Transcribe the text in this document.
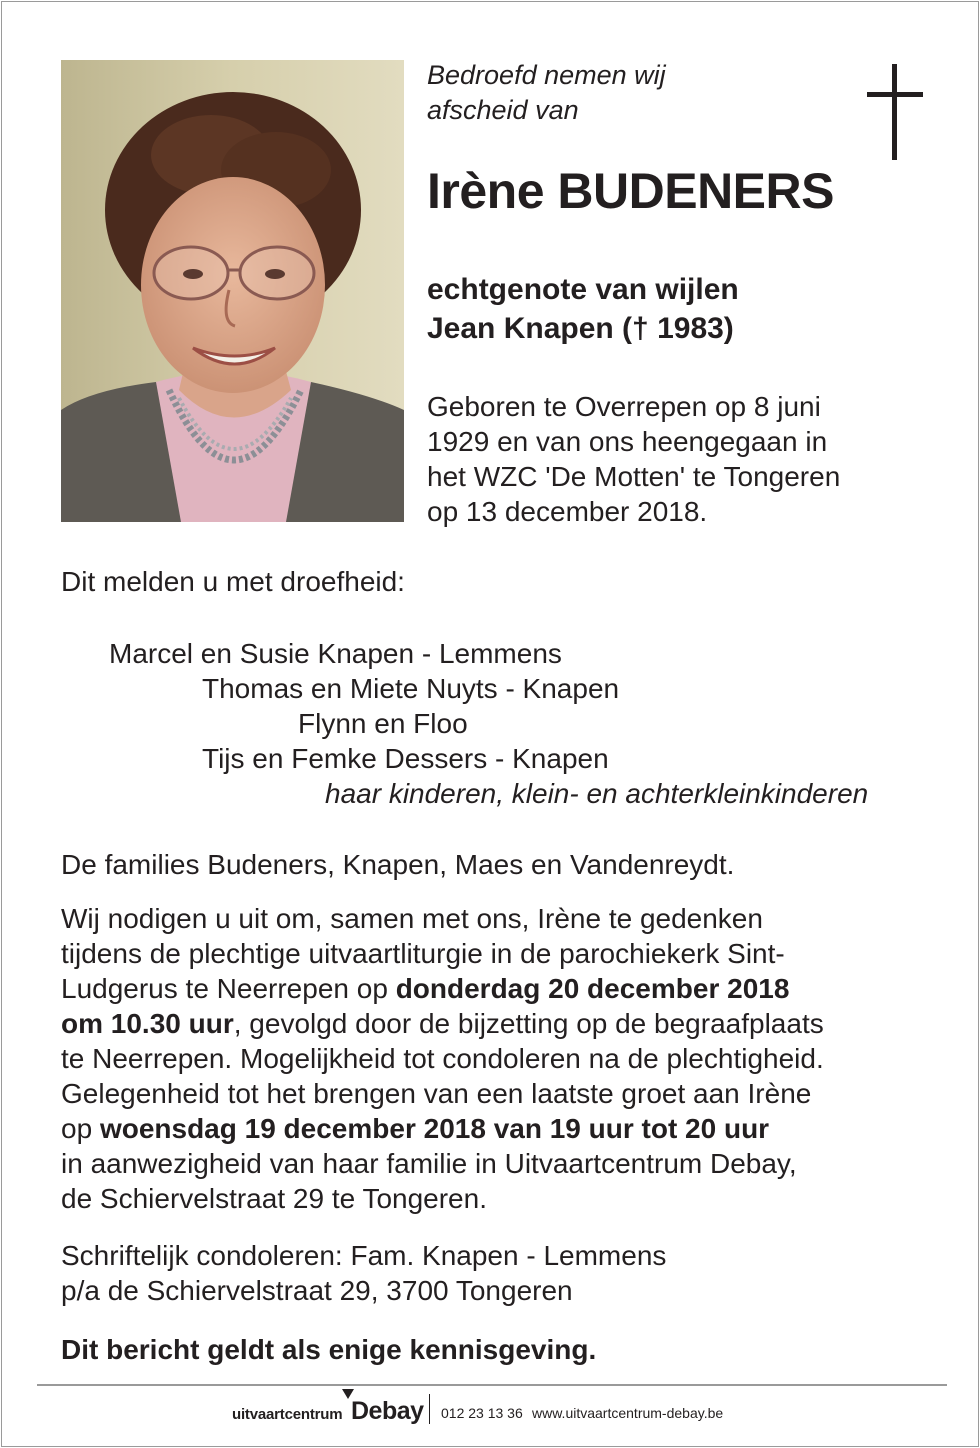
Bedroefd nemen wij
afscheid van

Irène BUDENERS

echtgenote van wijlen
Jean Knapen († 1983)

Geboren te Overrepen op 8 juni
1929 en van ons heengegaan in
het WZC 'De Motten' te Tongeren
op 13 december 2018.

Dit melden u met droefheid:

Marcel en Susie Knapen - Lemmens

Thomas en Miete Nuyts - Knapen

Flynn en Floo

Tijs en Femke Dessers - Knapen

haar kinderen, klein- en achterkleinkinderen

De families Budeners, Knapen, Maes en Vandenreydt.

Wij nodigen u uit om, samen met ons, Irène te gedenken
tijdens de plechtige uitvaartliturgie in de parochiekerk Sint-
Ludgerus te Neerrepen op donderdag 20 december 2018
om 10.30 uur, gevolgd door de bijzetting op de begraafplaats
te Neerrepen. Mogelijkheid tot condoleren na de plechtigheid.
Gelegenheid tot het brengen van een laatste groet aan Irène
op woensdag 19 december 2018 van 19 uur tot 20 uur
in aanwezigheid van haar familie in Uitvaartcentrum Debay,
de Schiervelstraat 29 te Tongeren.

Schriftelijk condoleren: Fam. Knapen - Lemmens
p/a de Schiervelstraat 29, 3700 Tongeren

Dit bericht geldt als enige kennisgeving.

uitvaartcentrum Debay 012 23 13 36 www.uitvaartcentrum-debay.be
